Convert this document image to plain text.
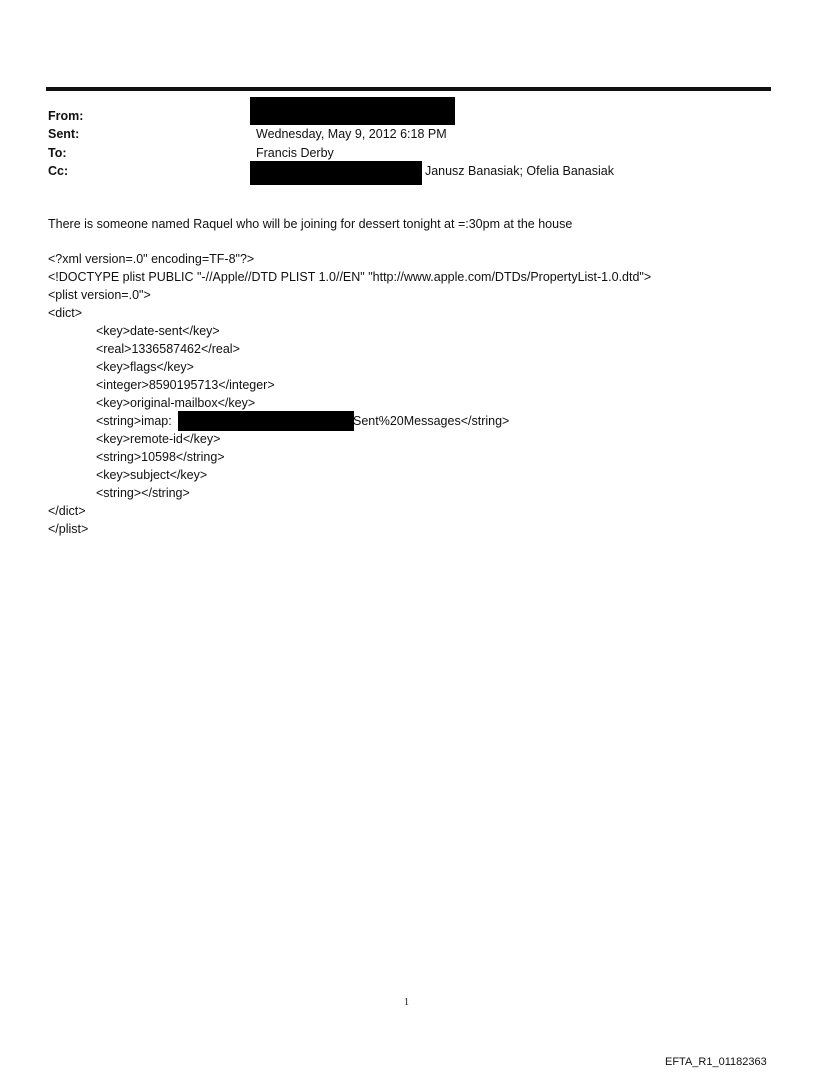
From:
Sent:
To:
Cc:
Wednesday, May 9, 2012 6:18 PM
Francis Derby
; Janusz Banasiak; Ofelia Banasiak
There is someone named Raquel who will be joining for dessert tonight at =:30pm at the house
<?xml version=.0" encoding=TF-8"?>
<!DOCTYPE plist PUBLIC "-//Apple//DTD PLIST 1.0//EN" "http://www.apple.com/DTDs/PropertyList-1.0.dtd">
<plist version=.0">
<dict>
<key>date-sent</key>
<real>1336587462</real>
<key>flags</key>
<integer>8590195713</integer>
<key>original-mailbox</key>
<string>imap:	Sent%20Messages</string>
<key>remote-id</key>
<string>10598</string>
<key>subject</key>
<string></string>
</dict>
</plist>
1
EFTA_R1_01182363
